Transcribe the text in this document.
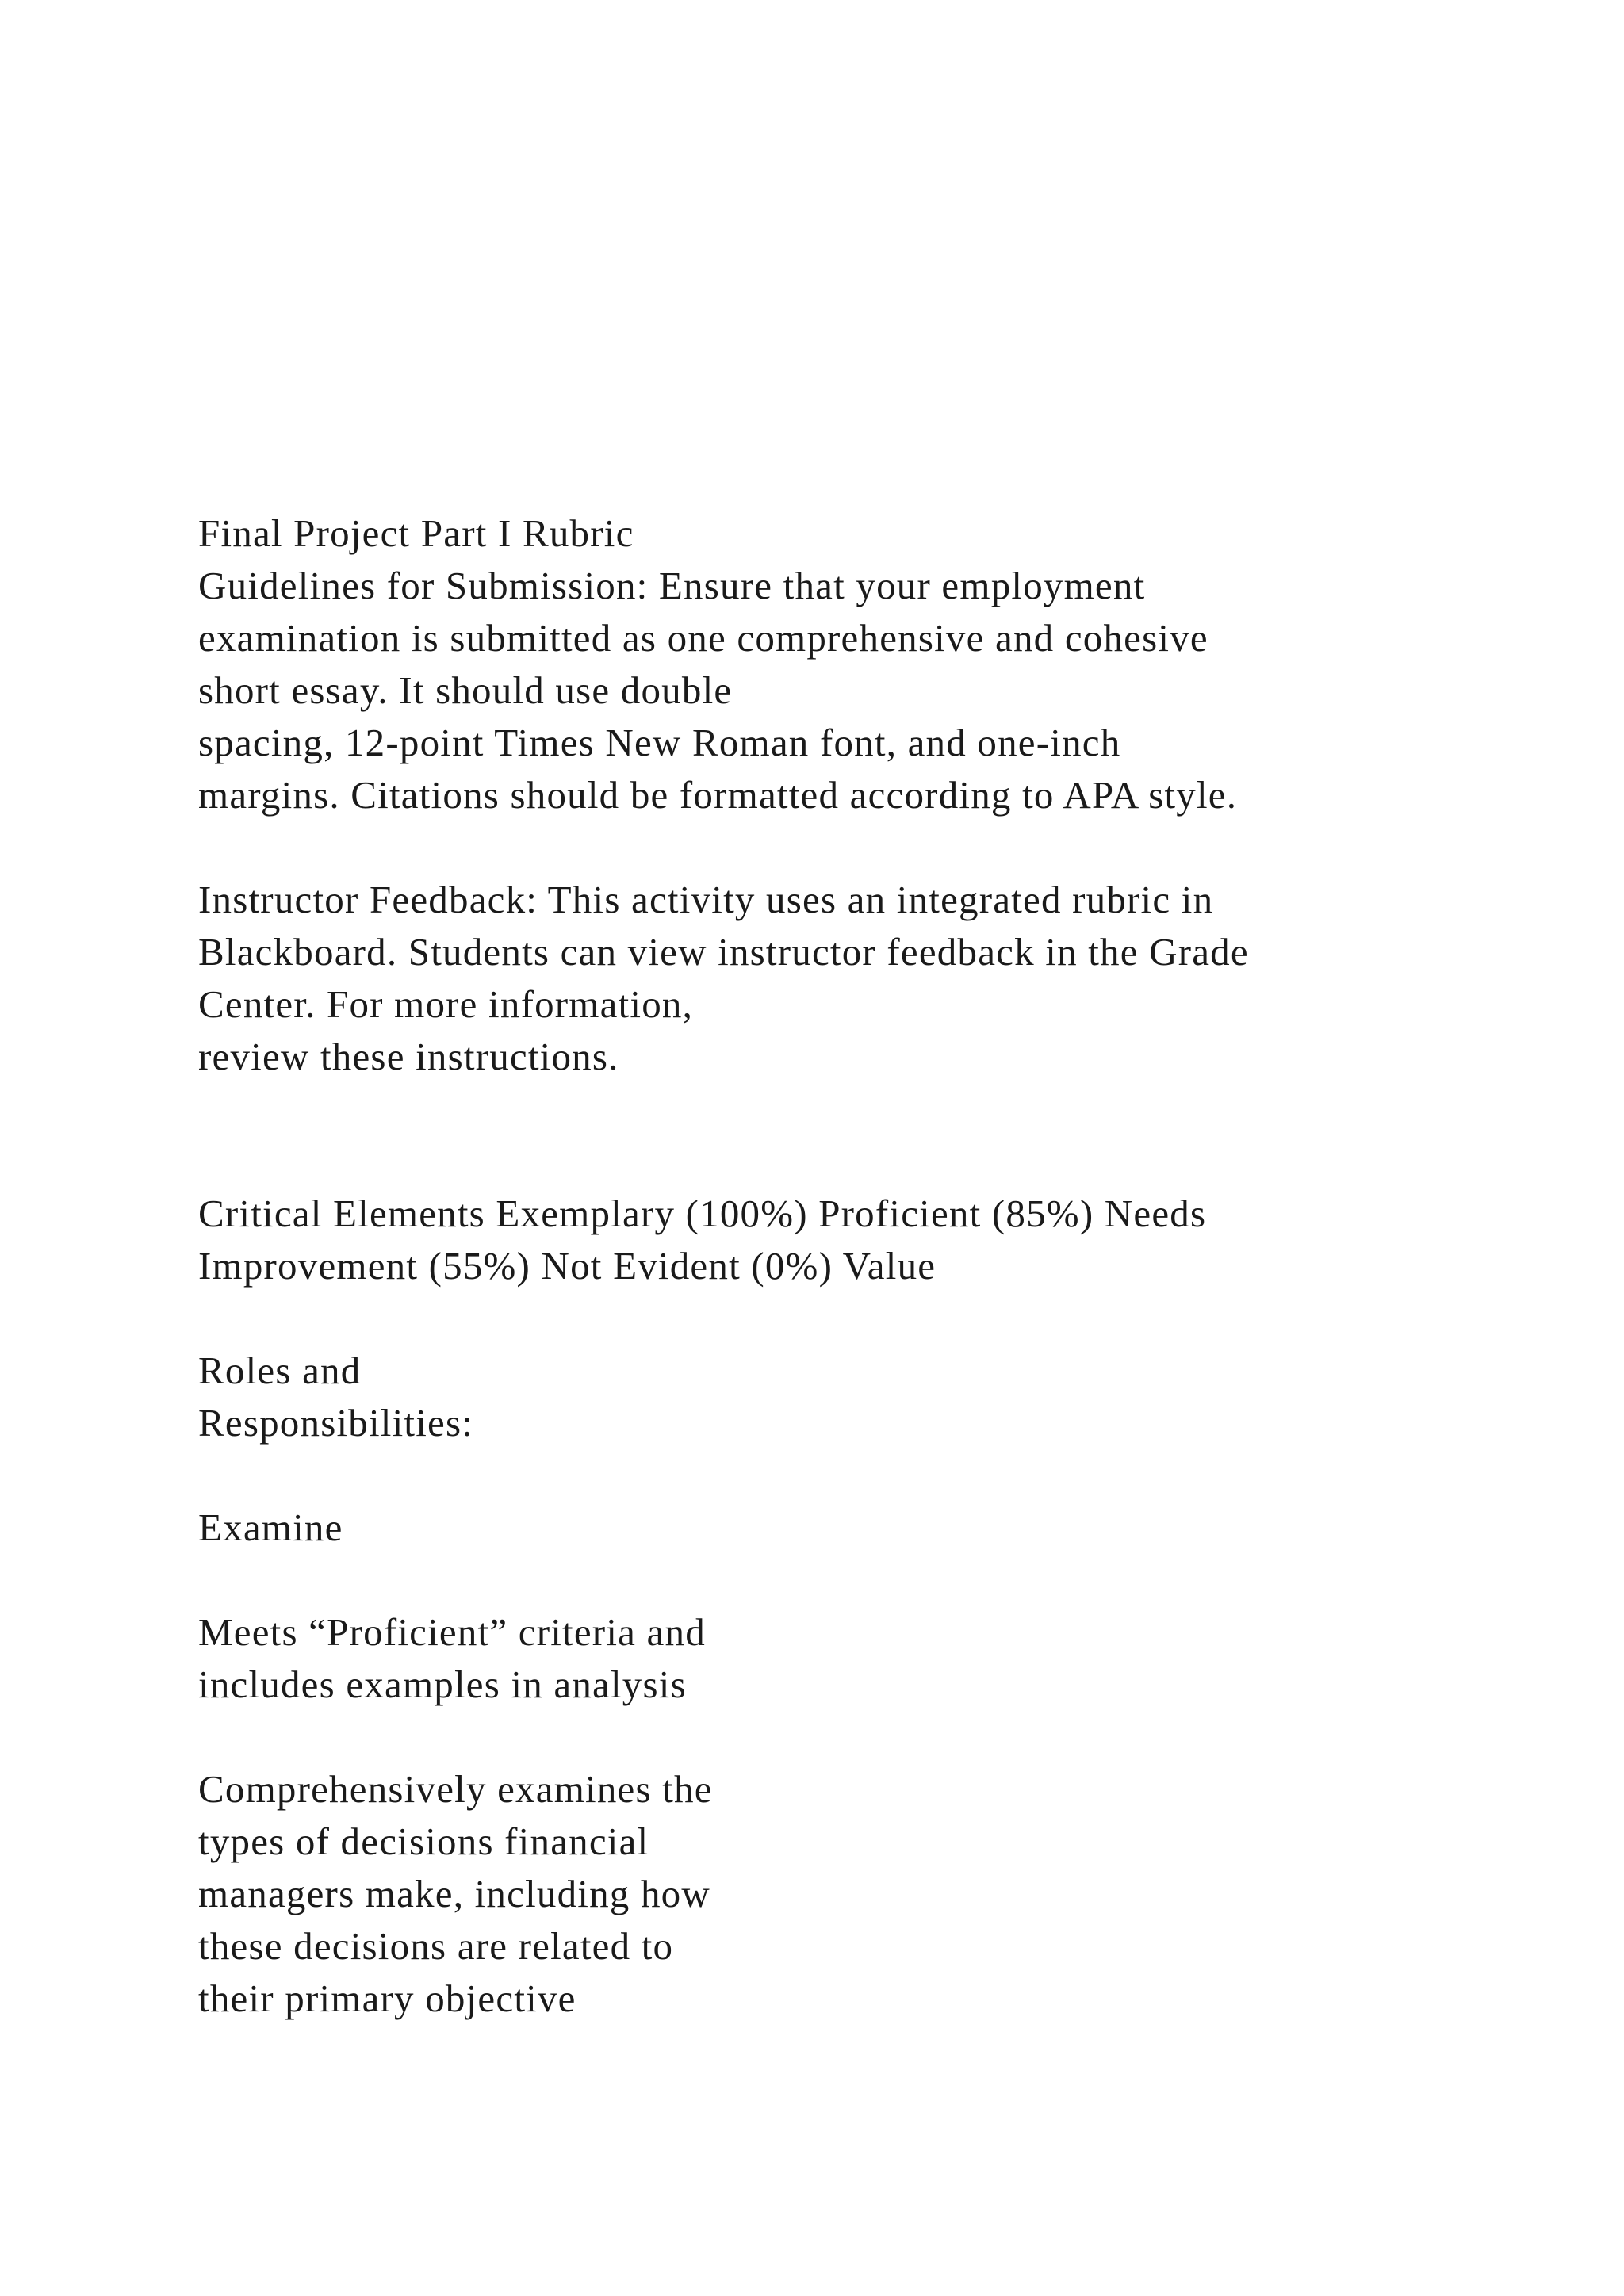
Final Project Part I Rubric
Guidelines for Submission: Ensure that your employment
examination is submitted as one comprehensive and cohesive
short essay. It should use double
spacing, 12-point Times New Roman font, and one-inch
margins. Citations should be formatted according to APA style.
Instructor Feedback: This activity uses an integrated rubric in
Blackboard. Students can view instructor feedback in the Grade
Center. For more information,
review these instructions.
Critical Elements Exemplary (100%) Proficient (85%) Needs
Improvement (55%) Not Evident (0%) Value
Roles and
Responsibilities:
Examine
Meets “Proficient” criteria and
includes examples in analysis
Comprehensively examines the
types of decisions financial
managers make, including how
these decisions are related to
their primary objective
